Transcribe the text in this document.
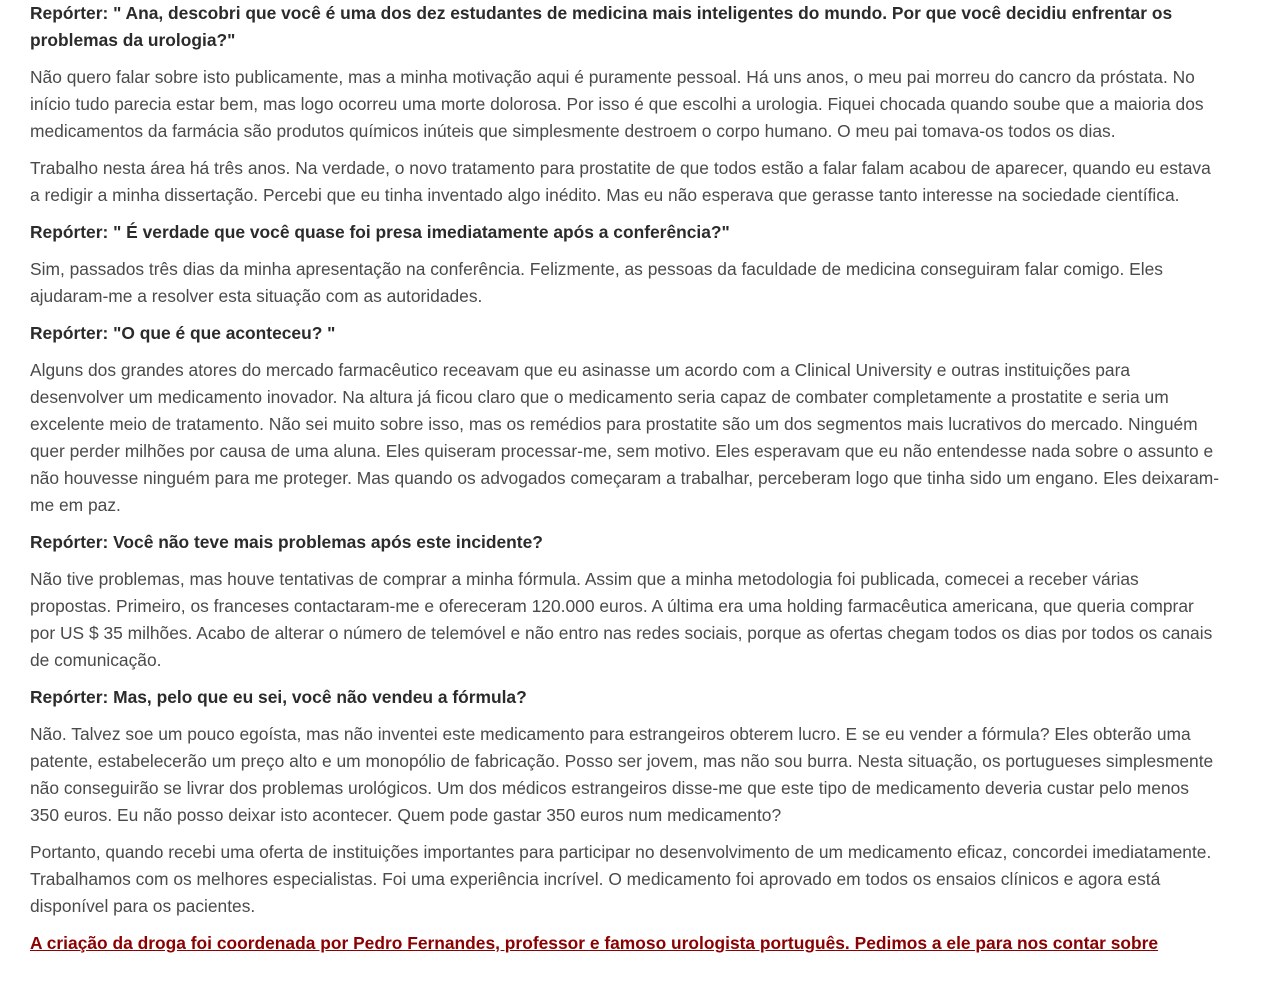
Repórter: " Ana, descobri que você é uma dos dez estudantes de medicina mais inteligentes do mundo. Por que você decidiu enfrentar os problemas da urologia?"
Não quero falar sobre isto publicamente, mas a minha motivação aqui é puramente pessoal. Há uns anos, o meu pai morreu do cancro da próstata. No início tudo parecia estar bem, mas logo ocorreu uma morte dolorosa. Por isso é que escolhi a urologia. Fiquei chocada quando soube que a maioria dos medicamentos da farmácia são produtos químicos inúteis que simplesmente destroem o corpo humano. O meu pai tomava-os todos os dias.
Trabalho nesta área há três anos. Na verdade, o novo tratamento para prostatite de que todos estão a falar falam acabou de aparecer, quando eu estava a redigir a minha dissertação. Percebi que eu tinha inventado algo inédito. Mas eu não esperava que gerasse tanto interesse na sociedade científica.
Repórter: " É verdade que você quase foi presa imediatamente após a conferência?"
Sim, passados três dias da minha apresentação na conferência. Felizmente, as pessoas da faculdade de medicina conseguiram falar comigo. Eles ajudaram-me a resolver esta situação com as autoridades.
Repórter: "O que é que aconteceu? "
Alguns dos grandes atores do mercado farmacêutico receavam que eu asinasse um acordo com a Clinical University e outras instituições para desenvolver um medicamento inovador. Na altura já ficou claro que o medicamento seria capaz de combater completamente a prostatite e seria um excelente meio de tratamento. Não sei muito sobre isso, mas os remédios para prostatite são um dos segmentos mais lucrativos do mercado. Ninguém quer perder milhões por causa de uma aluna. Eles quiseram processar-me, sem motivo. Eles esperavam que eu não entendesse nada sobre o assunto e não houvesse ninguém para me proteger. Mas quando os advogados começaram a trabalhar, perceberam logo que tinha sido um engano. Eles deixaram-me em paz.
Repórter: Você não teve mais problemas após este incidente?
Não tive problemas, mas houve tentativas de comprar a minha fórmula. Assim que a minha metodologia foi publicada, comecei a receber várias propostas. Primeiro, os franceses contactaram-me e ofereceram 120.000 euros. A última era uma holding farmacêutica americana, que queria comprar por US $ 35 milhões. Acabo de alterar o número de telemóvel e não entro nas redes sociais, porque as ofertas chegam todos os dias por todos os canais de comunicação.
Repórter: Mas, pelo que eu sei, você não vendeu a fórmula?
Não. Talvez soe um pouco egoísta, mas não inventei este medicamento para estrangeiros obterem lucro. E se eu vender a fórmula? Eles obterão uma patente, estabelecerão um preço alto e um monopólio de fabricação. Posso ser jovem, mas não sou burra. Nesta situação, os portugueses simplesmente não conseguirão se livrar dos problemas urológicos. Um dos médicos estrangeiros disse-me que este tipo de medicamento deveria custar pelo menos 350 euros. Eu não posso deixar isto acontecer. Quem pode gastar 350 euros num medicamento?
Portanto, quando recebi uma oferta de instituições importantes para participar no desenvolvimento de um medicamento eficaz, concordei imediatamente. Trabalhamos com os melhores especialistas. Foi uma experiência incrível. O medicamento foi aprovado em todos os ensaios clínicos e agora está disponível para os pacientes.
A criação da droga foi coordenada por Pedro Fernandes, professor e famoso urologista português. Pedimos a ele para nos contar sobre
